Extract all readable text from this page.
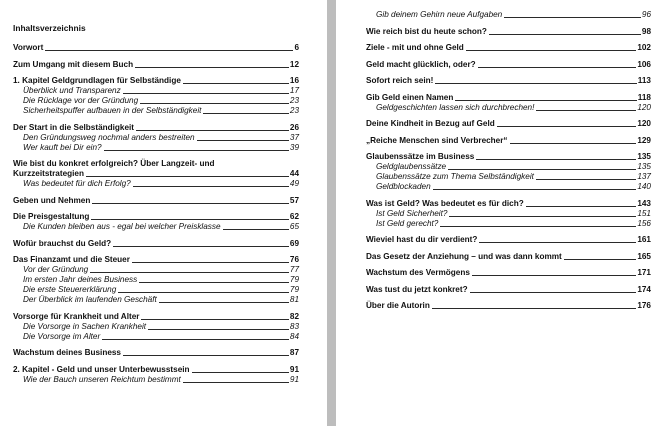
Inhaltsverzeichnis
Vorwort	6
Zum Umgang mit diesem Buch	12
1. Kapitel Geldgrundlagen für Selbständige	16
Überblick und Transparenz	17
Die Rücklage vor der Gründung	23
Sicherheitspuffer aufbauen in der Selbständigkeit	23
Der Start in die Selbständigkeit	26
Den Gründungsweg nochmal anders bestreiten	37
Wer kauft bei Dir ein?	39
Wie bist du konkret erfolgreich? Über Langzeit- und
Kurzzeitstrategien	44
Was bedeutet für dich Erfolg?	49
Geben und Nehmen	57
Die Preisgestaltung	62
Die Kunden bleiben aus - egal bei welcher Preisklasse	65
Wofür brauchst du Geld?	69
Das Finanzamt und die Steuer	76
Vor der Gründung	77
Im ersten Jahr deines Business	79
Die erste Steuererklärung	79
Der Überblick im laufenden Geschäft	81
Vorsorge für Krankheit und Alter	82
Die Vorsorge in Sachen Krankheit	83
Die Vorsorge im Alter	84
Wachstum deines Business	87
2. Kapitel - Geld und unser Unterbewusstsein	91
Wie der Bauch unseren Reichtum bestimmt	91
Gib deinem Gehirn neue Aufgaben	96
Wie reich bist du heute schon?	98
Ziele - mit und ohne Geld	102
Geld macht glücklich, oder?	106
Sofort reich sein!	113
Gib Geld einen Namen	118
Geldgeschichten lassen sich durchbrechen!	120
Deine Kindheit in Bezug auf Geld	120
„Reiche Menschen sind Verbrecher“	129
Glaubenssätze im Business	135
Geldglaubenssätze	135
Glaubenssätze zum Thema Selbständigkeit	137
Geldblockaden	140
Was ist Geld? Was bedeutet es für dich?	143
Ist Geld Sicherheit?	151
Ist Geld gerecht?	156
Wieviel hast du dir verdient?	161
Das Gesetz der Anziehung – und was dann kommt	165
Wachstum des Vermögens	171
Was tust du jetzt konkret?	174
Über die Autorin	176
